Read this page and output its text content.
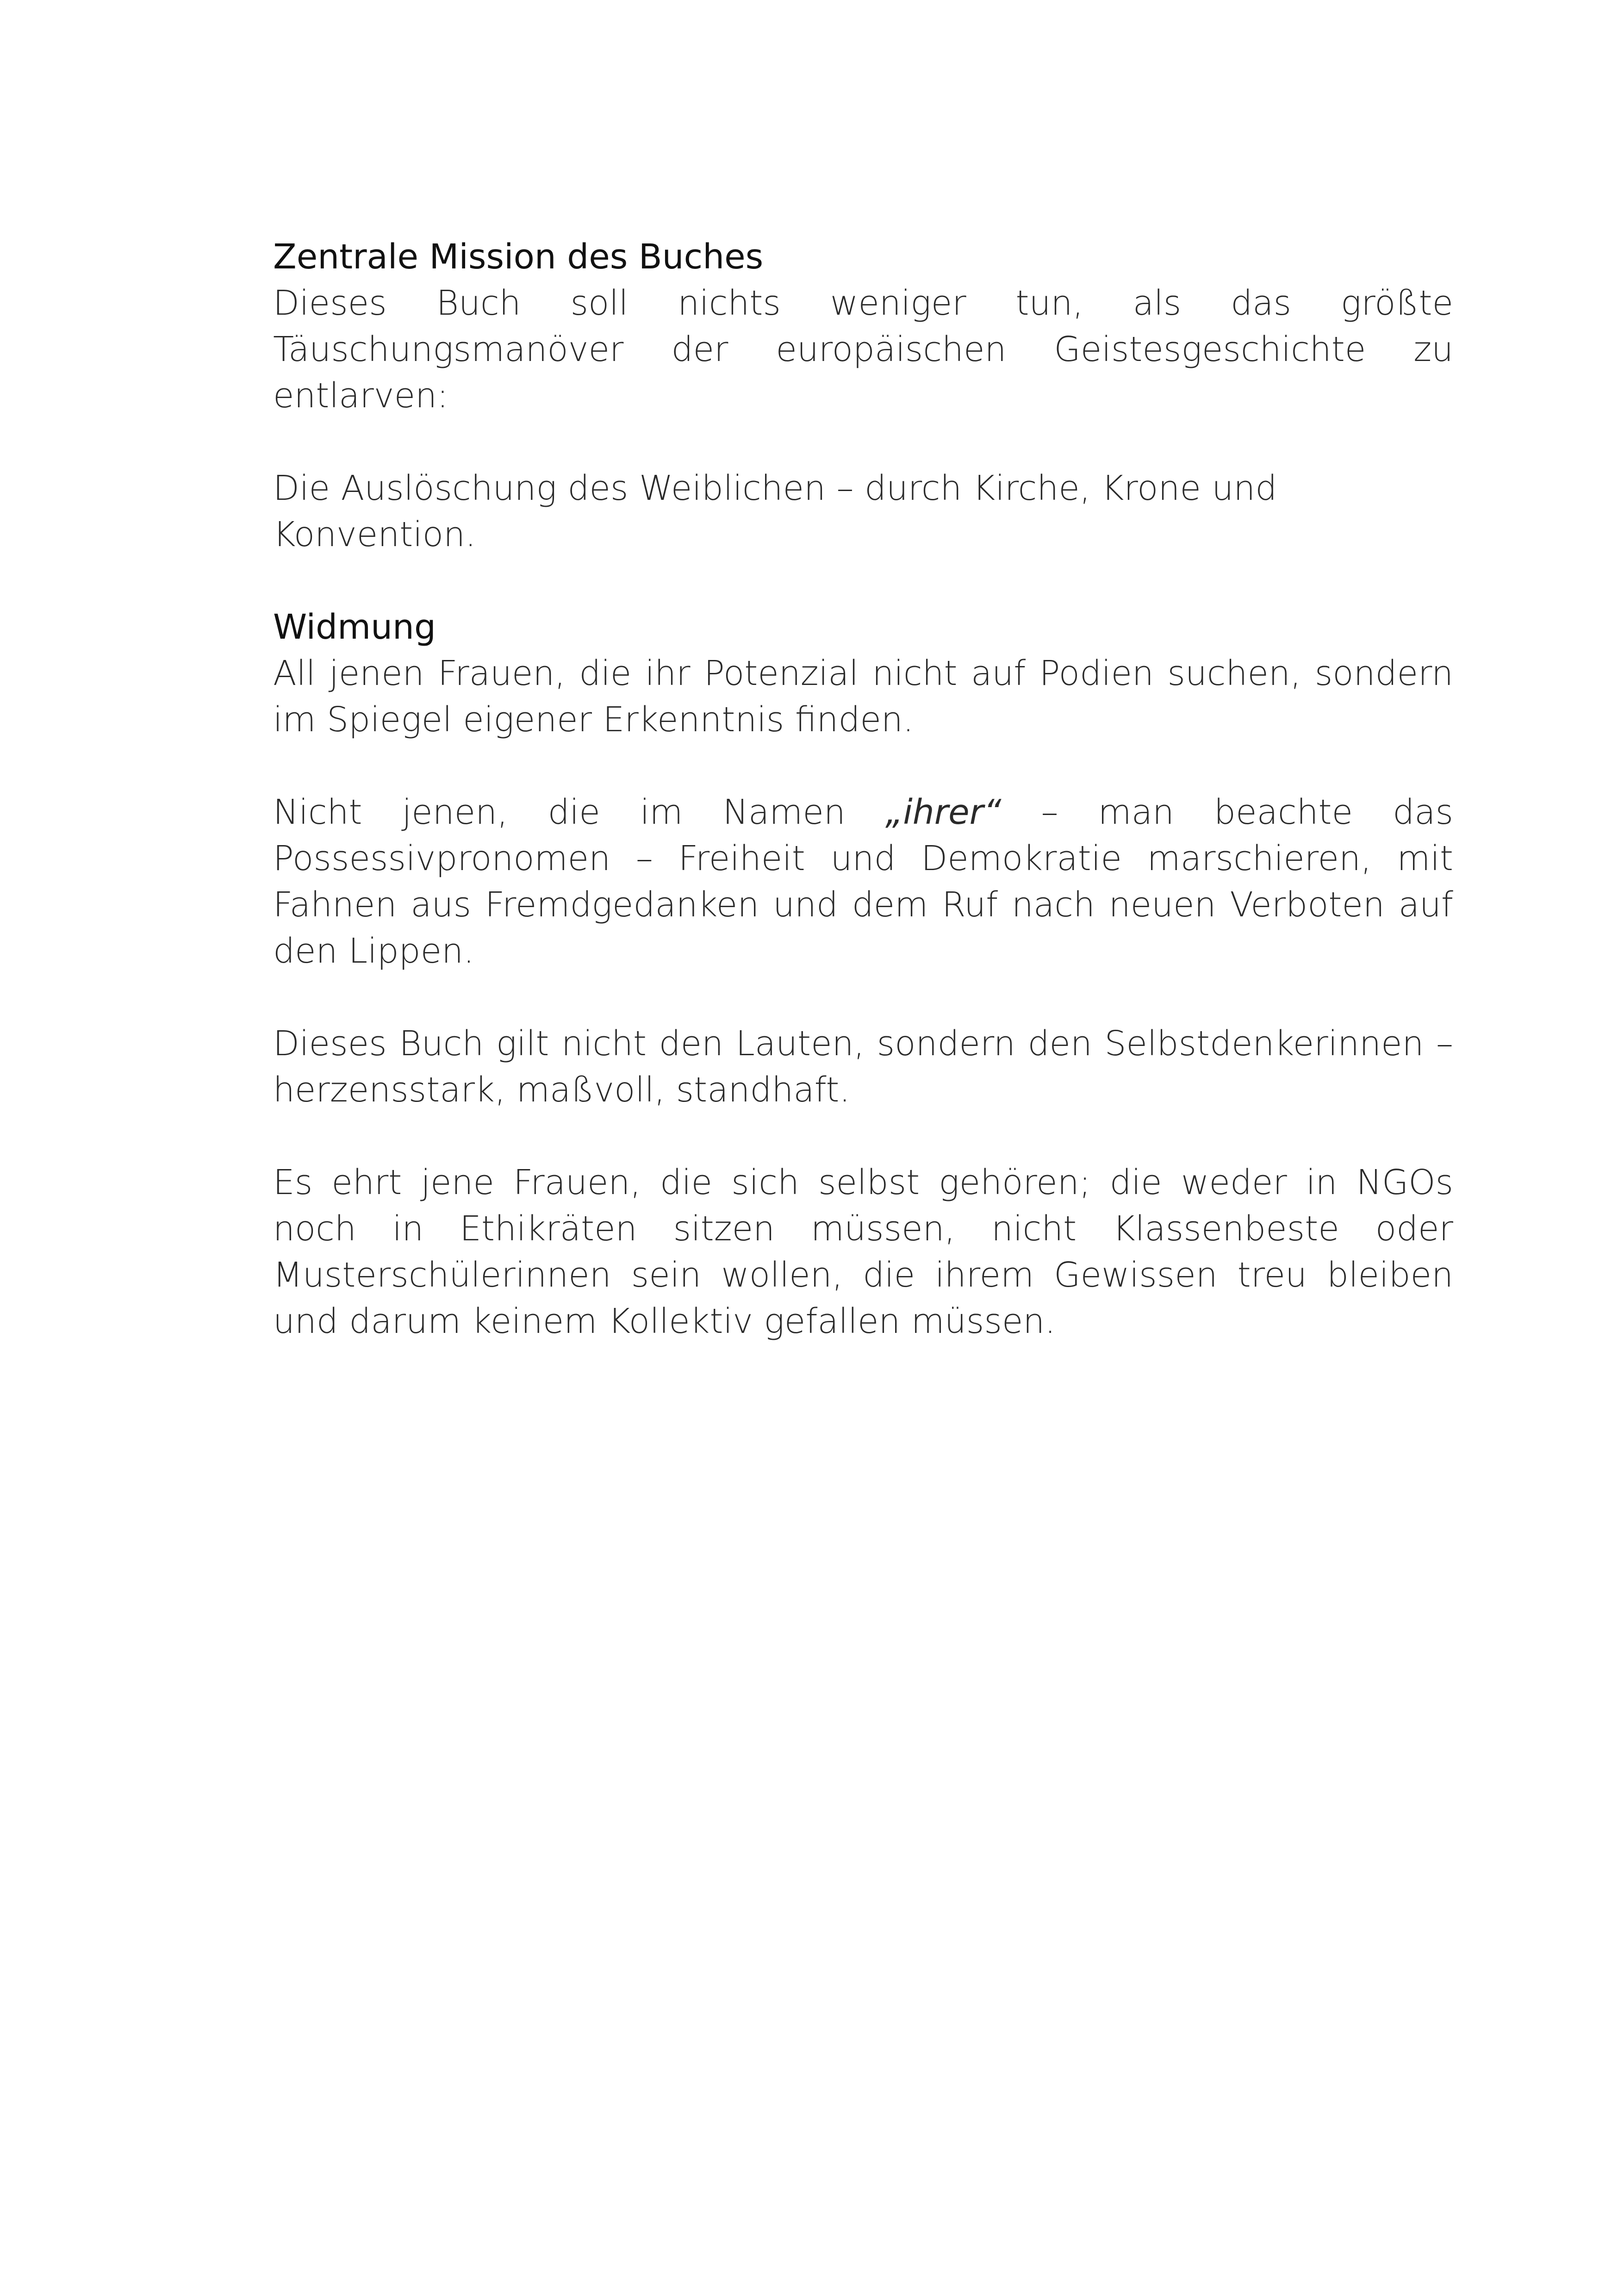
Zentrale Mission des Buches

Dieses Buch soll nichts weniger tun, als das größte Täuschungsmanöver der europäischen Geistesgeschichte zu entlarven:

Die Auslöschung des Weiblichen – durch Kirche, Krone und Konvention.

Widmung

All jenen Frauen, die ihr Potenzial nicht auf Podien suchen, sondern im Spiegel eigener Erkenntnis finden.

Nicht jenen, die im Namen „ihrer“ – man beachte das Possessivpronomen – Freiheit und Demokratie marschieren, mit Fahnen aus Fremdgedanken und dem Ruf nach neuen Verboten auf den Lippen.

Dieses Buch gilt nicht den Lauten, sondern den Selbstdenkerinnen – herzensstark, maßvoll, standhaft.

Es ehrt jene Frauen, die sich selbst gehören; die weder in NGOs noch in Ethikräten sitzen müssen, nicht Klassenbeste oder Musterschülerinnen sein wollen, die ihrem Gewissen treu bleiben und darum keinem Kollektiv gefallen müssen.
